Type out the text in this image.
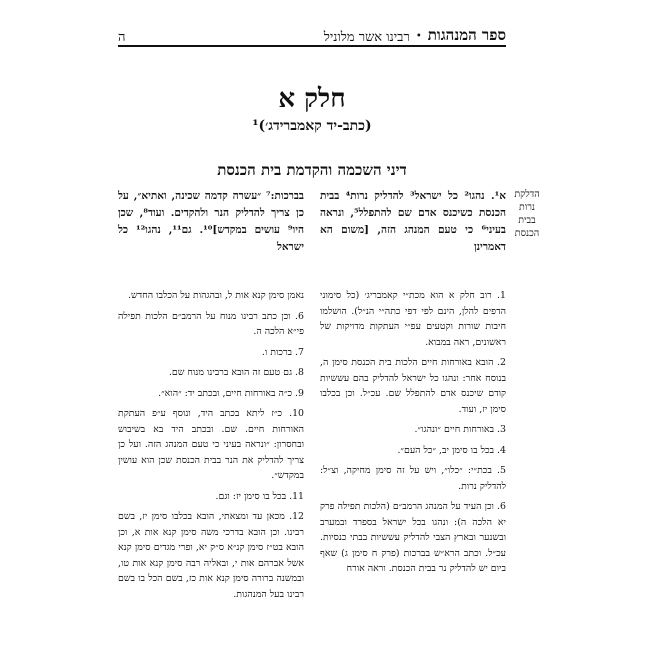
ספר המנהגות
•
רבינו אשר מלוניל
ה
חלק א
(כתב-יד קאמברידג׳)¹
דיני השכמה והקדמת בית הכנסת
הדלקת
נרות
בבית
הכנסת
א¹. נהגו² כל ישראל³ להדליק נרות⁴ בבית הכנסת כשיכנס אדם שם להתפלל⁵, ונראה בעיני⁶ כי טעם המנהג הזה, [משום הא דאמרינן
בברכות:⁷ ״עשרה קדמה שכינה, ואתיא״, על כן צריך להדליק הנר ולהקדים. ועוד⁸, שכן היו⁹ עושים במקדש]¹⁰. גם¹¹, נהגו¹² כל ישראל

1. רוב חלק א הוא מכת״י קאמבריג׳ (כל סימוני הדפים להלן, הינם לפי דפי כתה״י הנ״ל). הושלמו חיבות שורות וקטעים עפ״י העתקות מדויקות של ראשונים, ראה במבוא.

2. הובא באורחות חיים הלכות בית הכנסת סימן ה, בנוסח אחר: ונהגו כל ישראל להדליק בהם עששיות קודם שיכנס אדם להתפלל שם. עכ״ל. וכן בכלבו סימן יז, ועוד.

3. באורחות חיים ״ונהגו״.

4. בכל בו סימן יב, ״כל העם״.

5. בכת״י: ״כלו״, ויש על זה סימן מחיקה, וצ״ל: להדליק נרות.

6. וכן העיד על המנהג הרמב״ם (הלכות תפילה פרק יא הלכה ה): ונהגו בכל ישראל בספרד ובמערב ובשנער ובארץ הצבי להדליק עששיות בבתי כנסיות. עכ״ל. וכתב הרא״ש בברכות (פרק ח סימן ג) שאף ביום יש להדליק נר בבית הכנסת. וראה אורח

נאמן סימן קנא אות ל, ובהגהות על הכלבו החדש.

6. וכן כתב רבינו מנוח על הרמב״ם הלכות תפילה פי״א הלכה ה.

7. ברכות ו.

8. גם טעם זה הובא ברבינו מנוח שם.

9. כ״ה באורחות חיים, ובכתב יד: ״הוא״.

10. כ״ז ליתא בכתב היד, ונוסף ע״פ העתקת האורחות חיים. שם. ובכתב היד בא בשיבוש ובחסרון: ״ונראה בעיני כי טעם המנהג הזה. ועל כן צריך להדליק את הנר בבית הכנסת שכן הוא עושין במקדש״.

11. בכל בו סימן יז: וגם.

12. מכאן עד ומצאתי, הובא בכלבו סימן יז, בשם רבינו. וכן הובא בדרכי משה סימן קנא אות א, וכן הובא בט״ז סימן קנ״א ס״ק יא, ופרי מגדים סימן קנא אשל אברהם אות י, ובאליה רבה סימן קנא אות טו, ובמשנה ברורה סימן קנא אות כז, בשם הכל בו בשם רבינו בעל המנהגות.
